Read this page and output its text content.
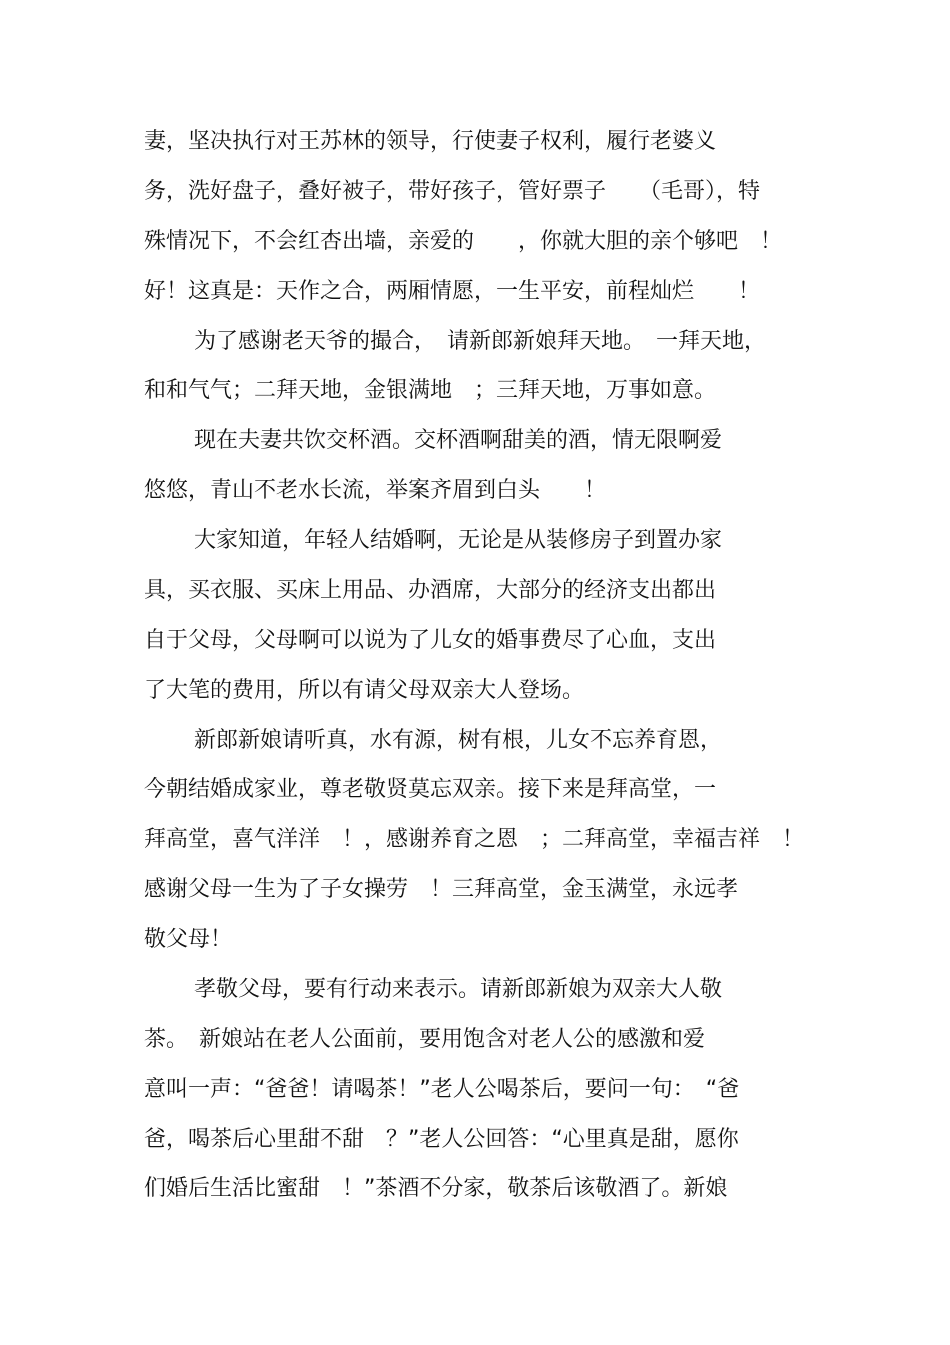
妻，坚决执行对王苏林的领导，行使妻子权利，履行老婆义

务，洗好盘子，叠好被子，带好孩子，管好票子　　（毛哥），特

殊情况下，不会红杏出墙，亲爱的　　，你就大胆的亲个够吧　！

好！这真是：天作之合，两厢情愿，一生平安，前程灿烂　　！

为了感谢老天爷的撮合，　请新郎新娘拜天地。　一拜天地，

和和气气；二拜天地，金银满地　；三拜天地，万事如意。

现在夫妻共饮交杯酒。交杯酒啊甜美的酒，情无限啊爱

悠悠，青山不老水长流，举案齐眉到白头　　！

大家知道，年轻人结婚啊，无论是从装修房子到置办家

具，买衣服、买床上用品、办酒席，大部分的经济支出都出

自于父母，父母啊可以说为了儿女的婚事费尽了心血，支出

了大笔的费用，所以有请父母双亲大人登场。

新郎新娘请听真，水有源，树有根，儿女不忘养育恩，

今朝结婚成家业，尊老敬贤莫忘双亲。接下来是拜高堂，一

拜高堂，喜气洋洋　！，感谢养育之恩　；二拜高堂，幸福吉祥　！

感谢父母一生为了子女操劳　！三拜高堂，金玉满堂，永远孝

敬父母！

孝敬父母，要有行动来表示。请新郎新娘为双亲大人敬

茶。　新娘站在老人公面前，要用饱含对老人公的感激和爱

意叫一声：“爸爸！请喝茶！”老人公喝茶后，要问一句：　“爸

爸，喝茶后心里甜不甜　？”老人公回答：“心里真是甜，愿你

们婚后生活比蜜甜　！”茶酒不分家，敬茶后该敬酒了。新娘
